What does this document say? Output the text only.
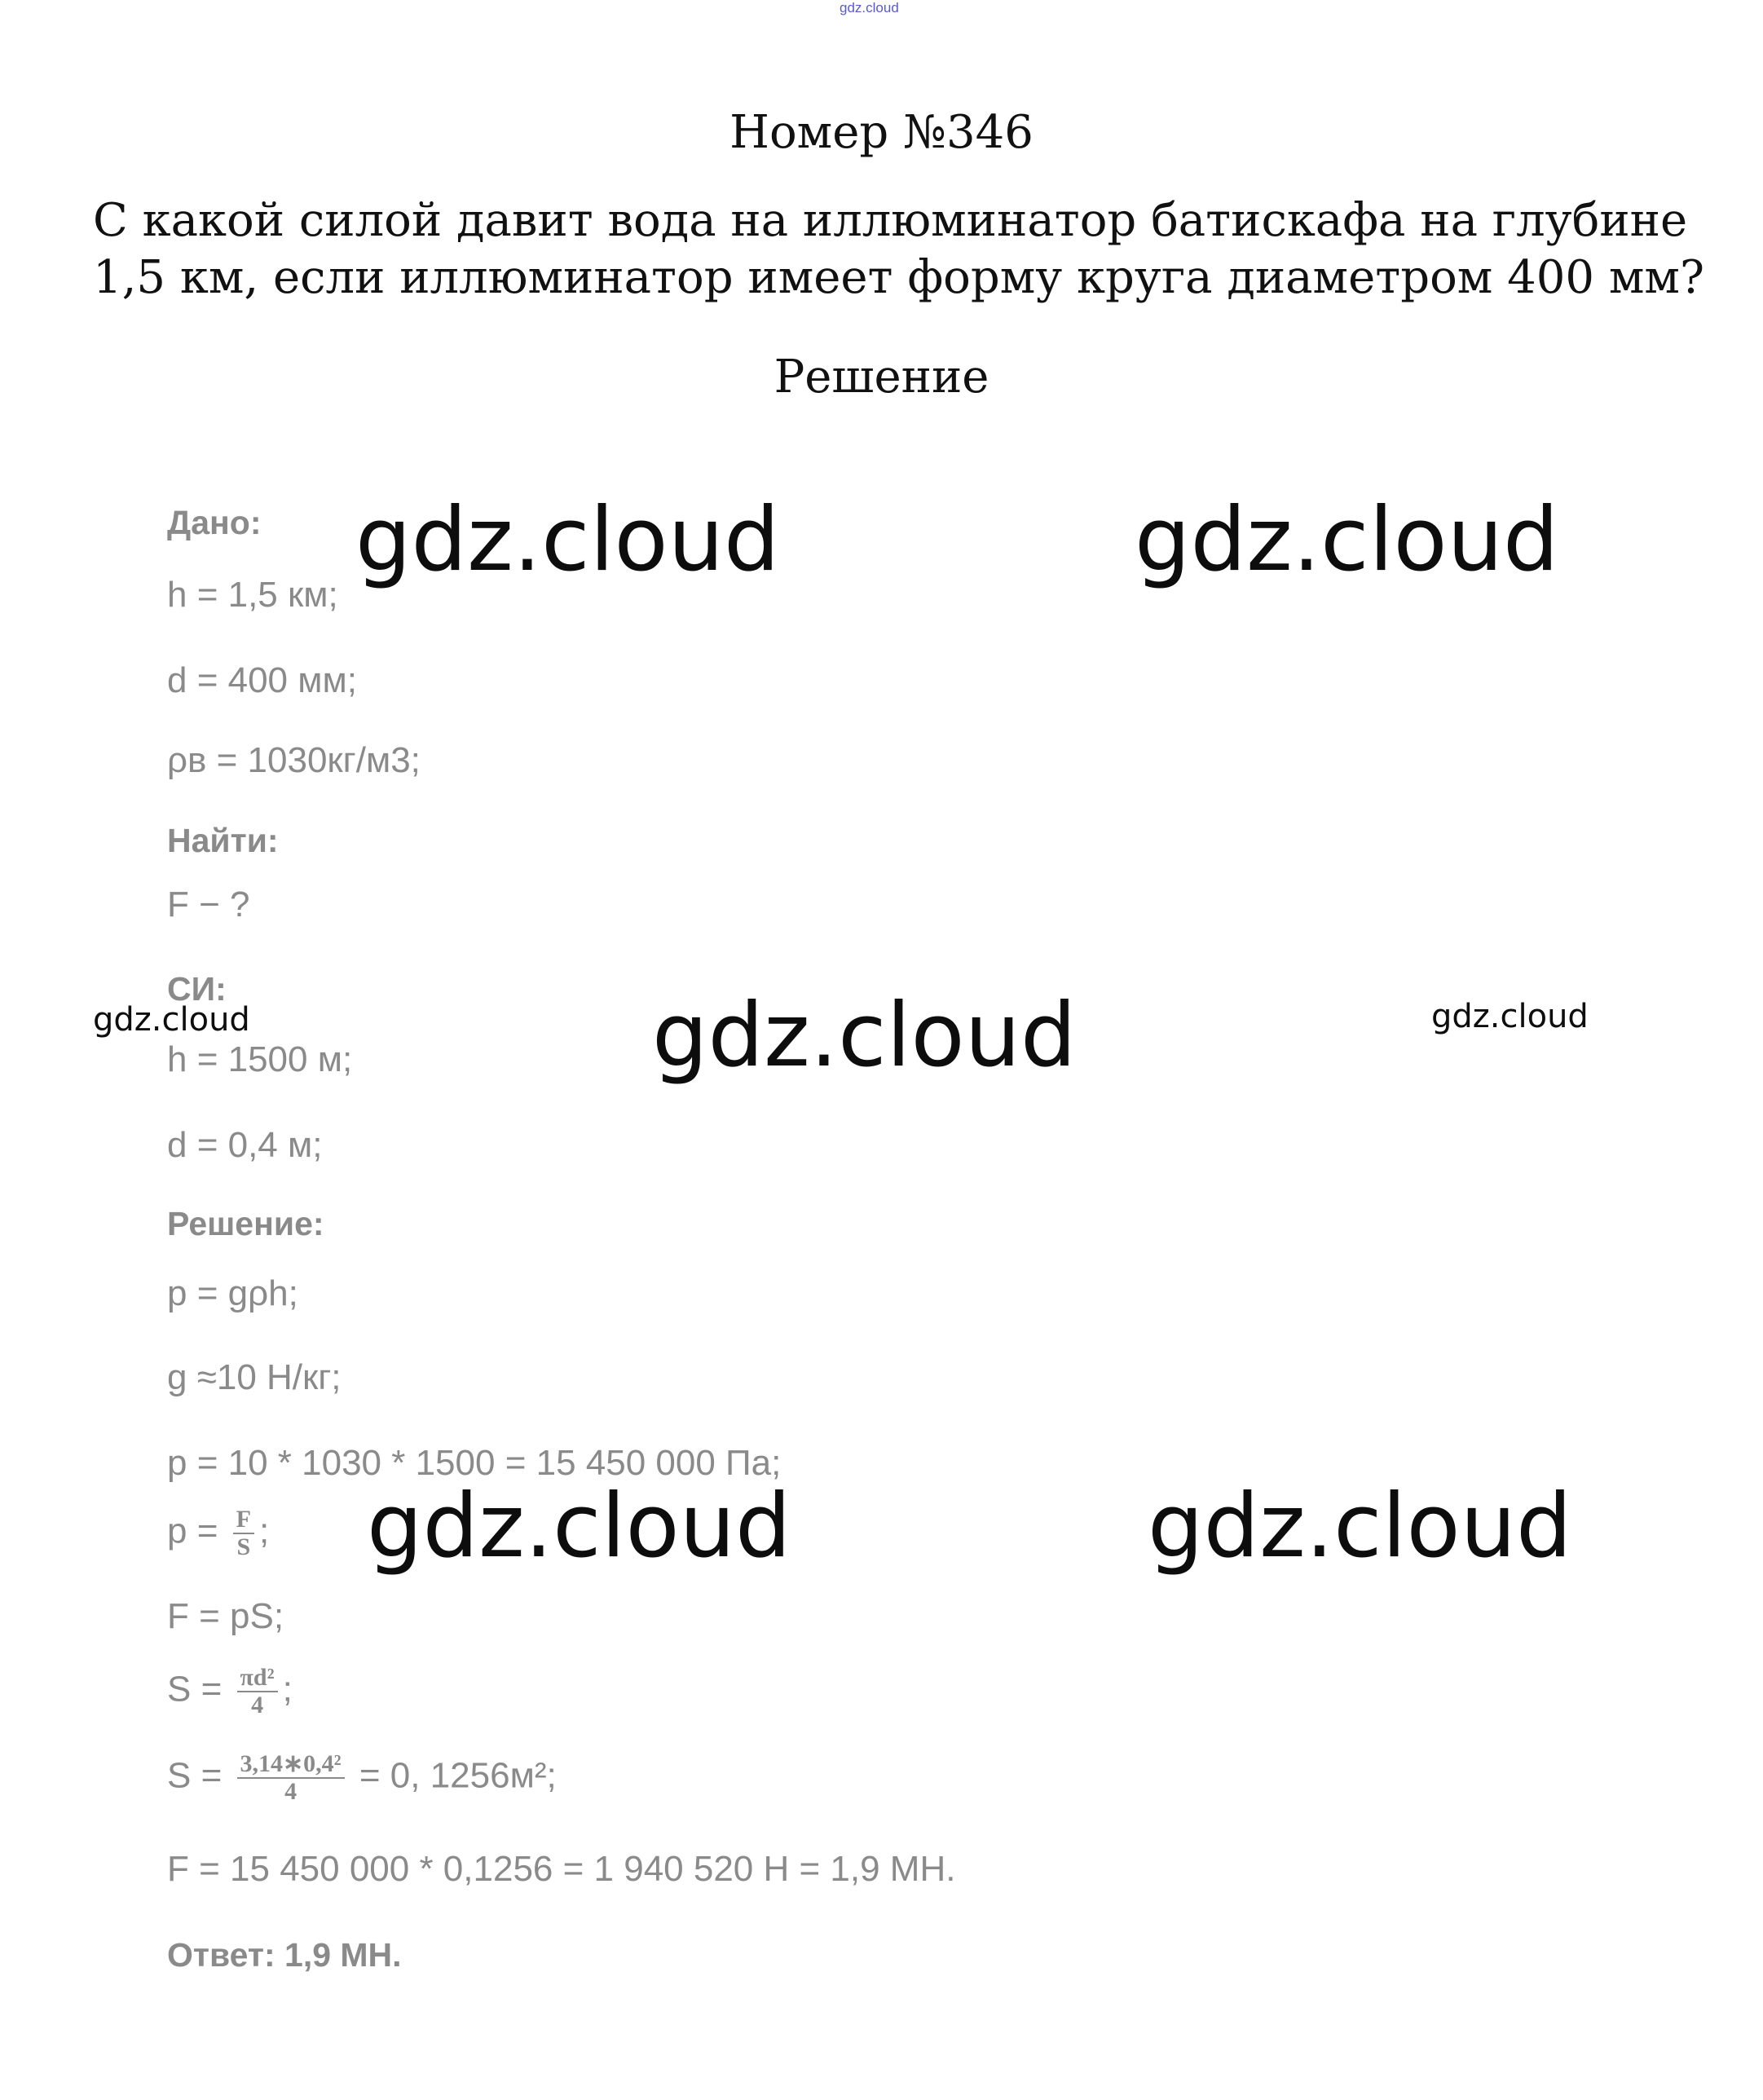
gdz.cloud
Номер №346
С какой силой давит вода на иллюминатор батискафа на глубине 1,5 км, если иллюминатор имеет форму круга диаметром 400 мм?
Решение
Дано:
h = 1,5 км;
d = 400 мм;
ρв = 1030кг/м3;
Найти:
F − ?
СИ:
h = 1500 м;
d = 0,4 м;
Решение:
p = gρh;
g ≈10 Н/кг;
p = 10 * 1030 * 1500 = 15 450 000 Па;
$p = \frac{F}{S}$ ;
F = pS;
$S = \frac{\text{πd²}}{4}$ ;
$S = \frac{\text{3,14∗0,4²}}{4} = 0$, 1256м²;
F = 15 450 000 * 0,1256 = 1 940 520 Н = 1,9 МН.
Ответ: 1,9 МН.
gdz.cloud	gdz.cloud
gdz.cloud	gdz.cloud	gdz.cloud
gdz.cloud	gdz.cloud
